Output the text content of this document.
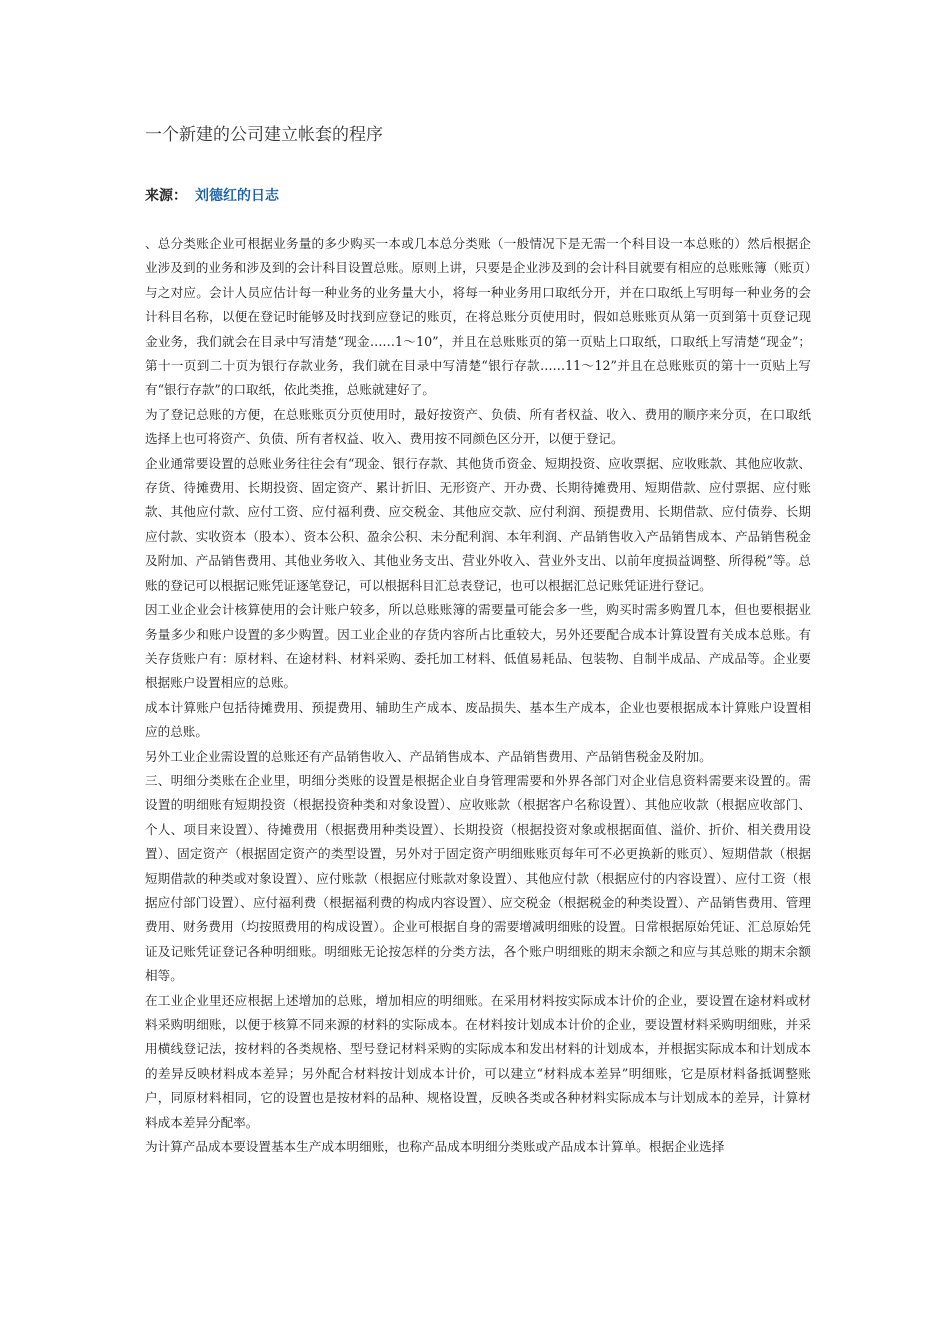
一个新建的公司建立帐套的程序
来源： 刘德红的日志

、总分类账企业可根据业务量的多少购买一本或几本总分类账（一般情况下是无需一个科目设一本总账的）然后根据企业涉及到的业务和涉及到的会计科目设置总账。原则上讲，只要是企业涉及到的会计科目就要有相应的总账账簿（账页）与之对应。会计人员应估计每一种业务的业务量大小，将每一种业务用口取纸分开，并在口取纸上写明每一种业务的会计科目名称，以便在登记时能够及时找到应登记的账页，在将总账分页使用时，假如总账账页从第一页到第十页登记现金业务，我们就会在目录中写清楚“现金……1～10”，并且在总账账页的第一页贴上口取纸，口取纸上写清楚“现金”；第十一页到二十页为银行存款业务，我们就在目录中写清楚“银行存款……11～12”并且在总账账页的第十一页贴上写有“银行存款”的口取纸，依此类推，总账就建好了。

为了登记总账的方便，在总账账页分页使用时，最好按资产、负债、所有者权益、收入、费用的顺序来分页，在口取纸选择上也可将资产、负债、所有者权益、收入、费用按不同颜色区分开，以便于登记。

企业通常要设置的总账业务往往会有“现金、银行存款、其他货币资金、短期投资、应收票据、应收账款、其他应收款、存货、待摊费用、长期投资、固定资产、累计折旧、无形资产、开办费、长期待摊费用、短期借款、应付票据、应付账款、其他应付款、应付工资、应付福利费、应交税金、其他应交款、应付利润、预提费用、长期借款、应付债券、长期应付款、实收资本（股本）、资本公积、盈余公积、未分配利润、本年利润、产品销售收入产品销售成本、产品销售税金及附加、产品销售费用、其他业务收入、其他业务支出、营业外收入、营业外支出、以前年度损益调整、所得税”等。总账的登记可以根据记账凭证逐笔登记，可以根据科目汇总表登记，也可以根据汇总记账凭证进行登记。

因工业企业会计核算使用的会计账户较多，所以总账账簿的需要量可能会多一些，购买时需多购置几本，但也要根据业务量多少和账户设置的多少购置。因工业企业的存货内容所占比重较大，另外还要配合成本计算设置有关成本总账。有关存货账户有：原材料、在途材料、材料采购、委托加工材料、低值易耗品、包装物、自制半成品、产成品等。企业要根据账户设置相应的总账。

成本计算账户包括待摊费用、预提费用、辅助生产成本、废品损失、基本生产成本，企业也要根据成本计算账户设置相应的总账。

另外工业企业需设置的总账还有产品销售收入、产品销售成本、产品销售费用、产品销售税金及附加。

三、明细分类账在企业里，明细分类账的设置是根据企业自身管理需要和外界各部门对企业信息资料需要来设置的。需设置的明细账有短期投资（根据投资种类和对象设置）、应收账款（根据客户名称设置）、其他应收款（根据应收部门、个人、项目来设置）、待摊费用（根据费用种类设置）、长期投资（根据投资对象或根据面值、溢价、折价、相关费用设置）、固定资产（根据固定资产的类型设置，另外对于固定资产明细账账页每年可不必更换新的账页）、短期借款（根据短期借款的种类或对象设置）、应付账款（根据应付账款对象设置）、其他应付款（根据应付的内容设置）、应付工资（根据应付部门设置）、应付福利费（根据福利费的构成内容设置）、应交税金（根据税金的种类设置）、产品销售费用、管理费用、财务费用（均按照费用的构成设置）。企业可根据自身的需要增减明细账的设置。日常根据原始凭证、汇总原始凭证及记账凭证登记各种明细账。明细账无论按怎样的分类方法，各个账户明细账的期末余额之和应与其总账的期末余额相等。

在工业企业里还应根据上述增加的总账，增加相应的明细账。在采用材料按实际成本计价的企业，要设置在途材料或材料采购明细账，以便于核算不同来源的材料的实际成本。在材料按计划成本计价的企业，要设置材料采购明细账，并采用横线登记法，按材料的各类规格、型号登记材料采购的实际成本和发出材料的计划成本，并根据实际成本和计划成本的差异反映材料成本差异；另外配合材料按计划成本计价，可以建立“材料成本差异”明细账，它是原材料备抵调整账户，同原材料相同，它的设置也是按材料的品种、规格设置，反映各类或各种材料实际成本与计划成本的差异，计算材料成本差异分配率。

为计算产品成本要设置基本生产成本明细账，也称产品成本明细分类账或产品成本计算单。根据企业选择
